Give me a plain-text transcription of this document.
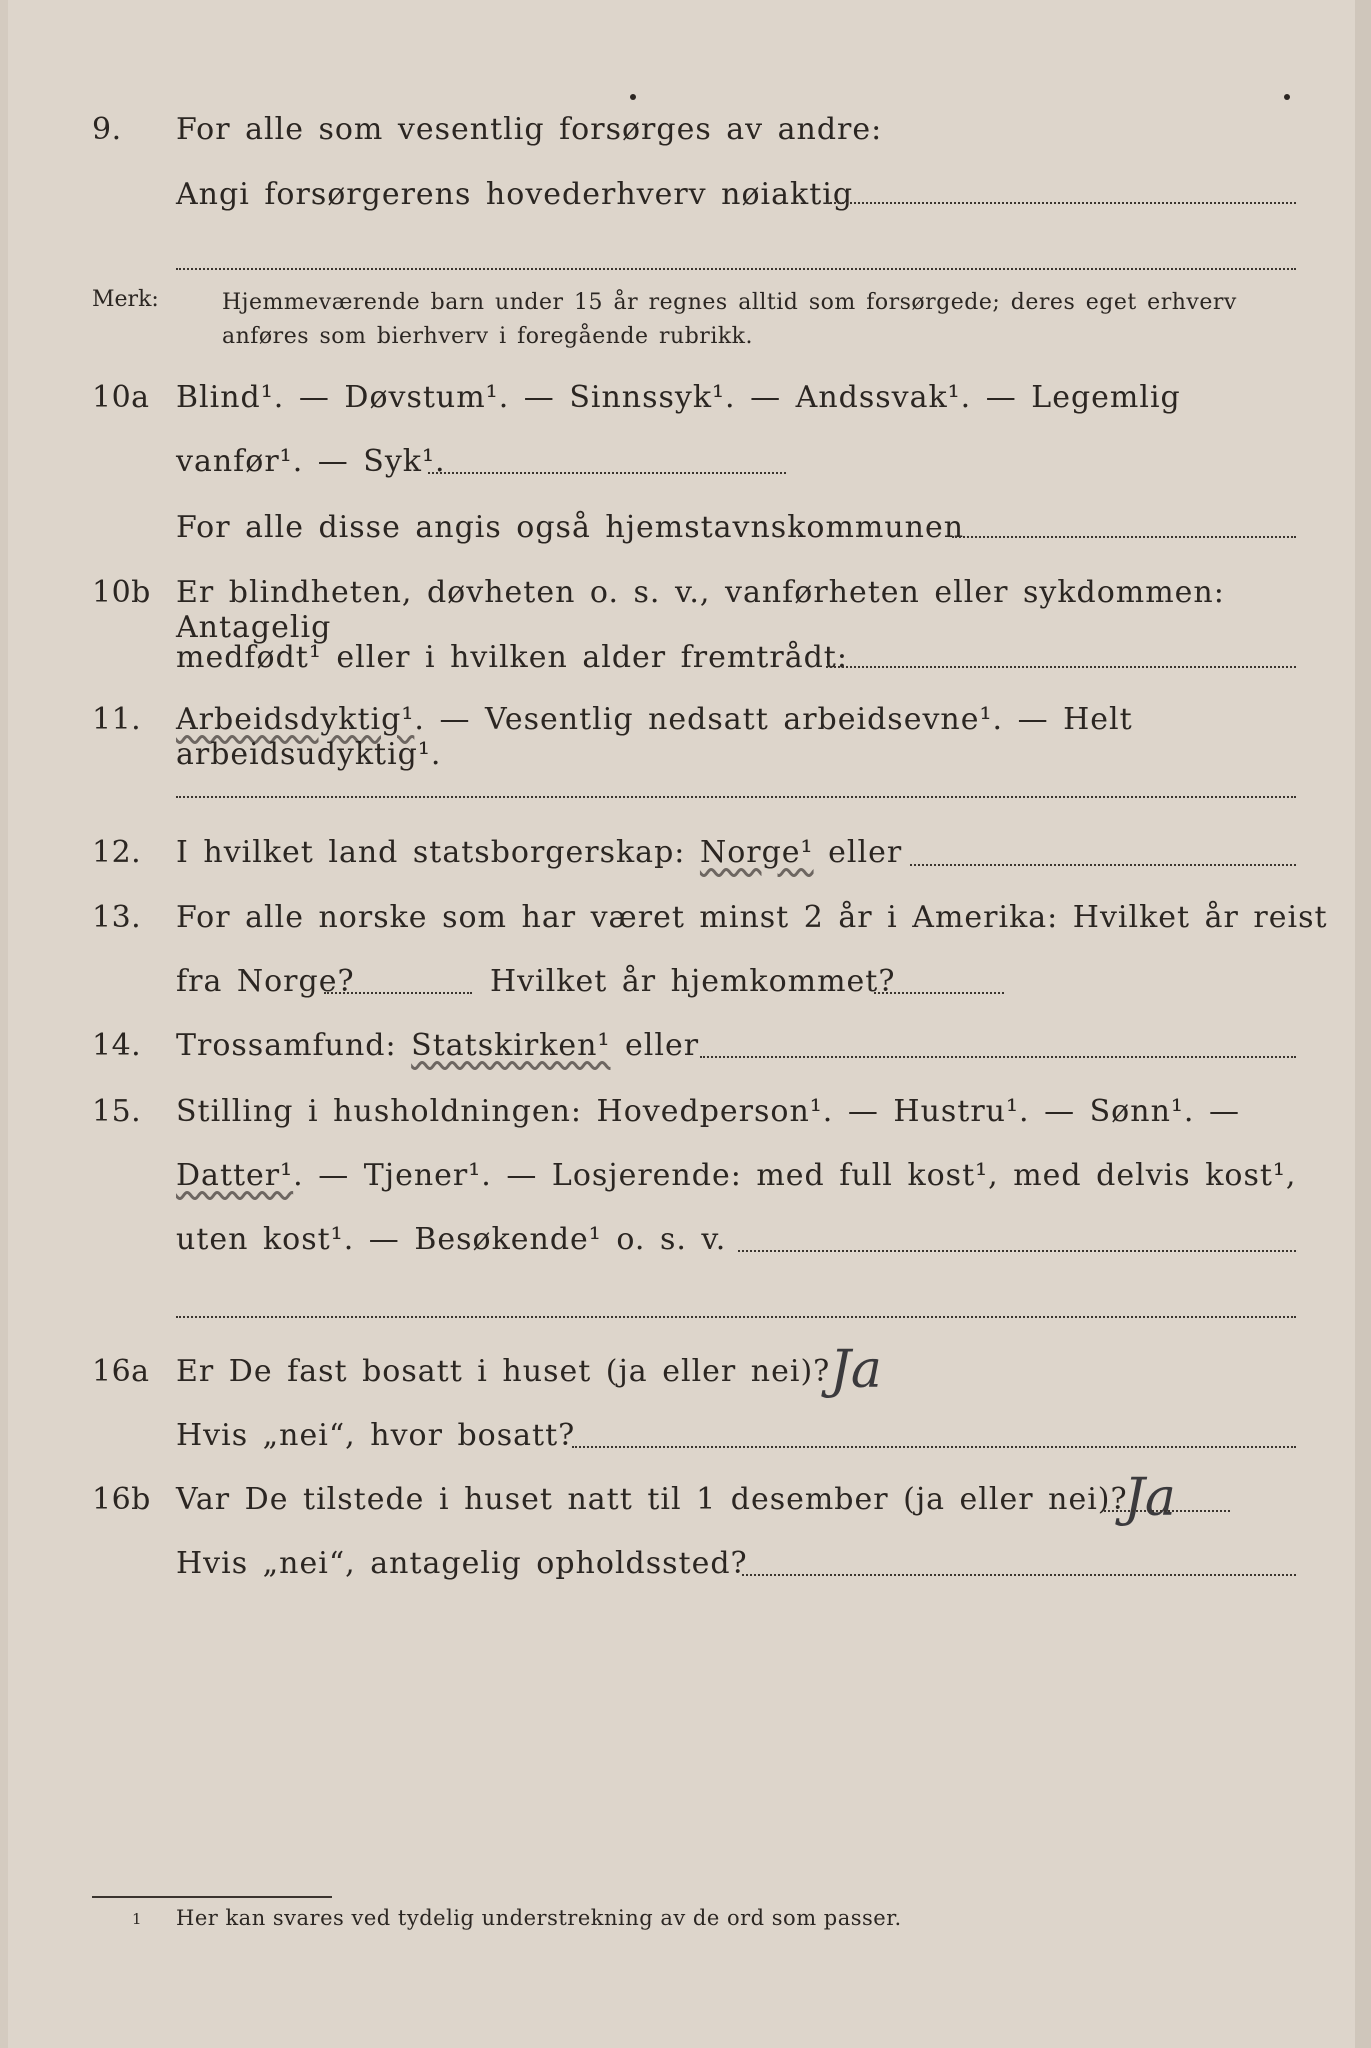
9. For alle som vesentlig forsørges av andre:
Angi forsørgerens hovederhverv nøiaktig
Merk:	Hjemmeværende barn under 15 år regnes alltid som forsørgede; deres eget erhverv
anføres som bierhverv i foregående rubrikk.
10a Blind¹. — Døvstum¹. — Sinnssyk¹. — Andssvak¹. — Legemlig
vanfør¹. — Syk¹.
For alle disse angis også hjemstavnskommunen
10b Er blindheten, døvheten o. s. v., vanførheten eller sykdommen: Antagelig
medfødt¹ eller i hvilken alder fremtrådt:
11. Arbeidsdyktig¹. — Vesentlig nedsatt arbeidsevne¹. — Helt arbeidsudyktig¹.
12. I hvilket land statsborgerskap: Norge¹ eller
13. For alle norske som har været minst 2 år i Amerika: Hvilket år reist
fra Norge?	Hvilket år hjemkommet?
14. Trossamfund: Statskirken¹ eller
15. Stilling i husholdningen: Hovedperson¹. — Hustru¹. — Sønn¹. —
Datter¹. — Tjener¹. — Losjerende: med full kost¹, med delvis kost¹,
uten kost¹. — Besøkende¹ o. s. v.
16a Er De fast bosatt i huset (ja eller nei)? Ja
Hvis „nei“, hvor bosatt?
16b Var De tilstede i huset natt til 1 desember (ja eller nei)?
Ja
Hvis „nei“, antagelig opholdssted?
1 Her kan svares ved tydelig understrekning av de ord som passer.
